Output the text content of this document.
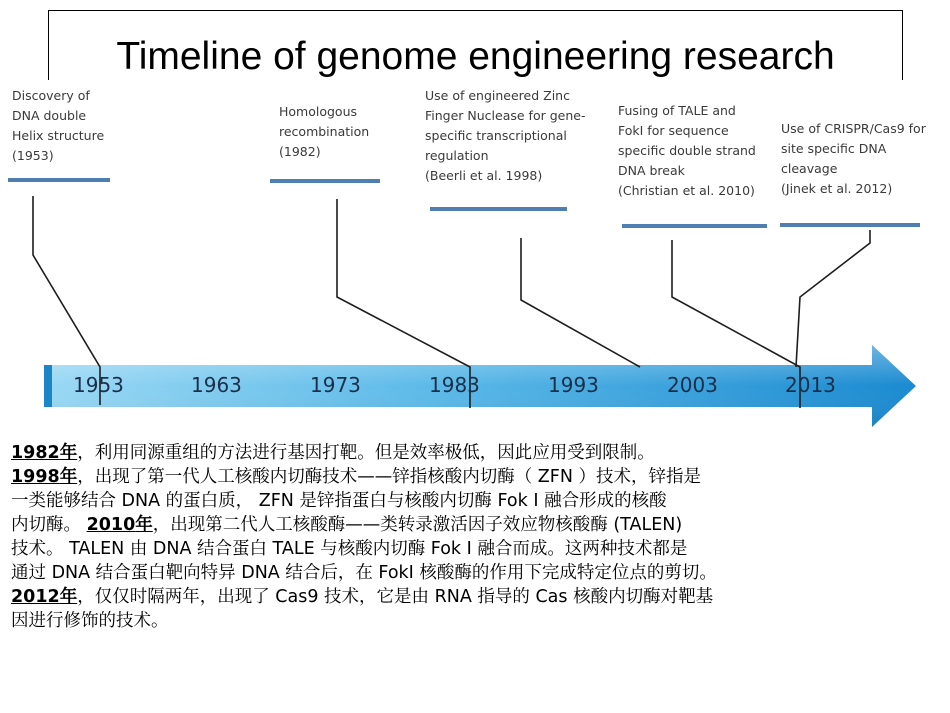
Timeline of genome engineering research
Discovery of
DNA double
Helix structure
(1953)
Homologous
recombination
(1982)
Use of engineered Zinc
Finger Nuclease for gene-
specific transcriptional
regulation
(Beerli et al. 1998)
Fusing of TALE and
FokI for sequence
specific double strand
DNA break
(Christian et al. 2010)
Use of CRISPR/Cas9 for
site specific DNA
cleavage
(Jinek et al. 2012)
1953	1963	1973	1983	1993	2003	2013
1982年，利用同源重组的方法进行基因打靶。但是效率极低，因此应用受到限制。
1998年，出现了第一代人工核酸内切酶技术——锌指核酸内切酶（ ZFN ）技术，锌指是
一类能够结合 DNA 的蛋白质， ZFN 是锌指蛋白与核酸内切酶 Fok I 融合形成的核酸
内切酶。 2010年，出现第二代人工核酸酶——类转录激活因子效应物核酸酶 (TALEN)
技术。 TALEN 由 DNA 结合蛋白 TALE 与核酸内切酶 Fok I 融合而成。这两种技术都是
通过 DNA 结合蛋白靶向特异 DNA 结合后，在 FokI 核酸酶的作用下完成特定位点的剪切。
2012年，仅仅时隔两年，出现了 Cas9 技术，它是由 RNA 指导的 Cas 核酸内切酶对靶基
因进行修饰的技术。
